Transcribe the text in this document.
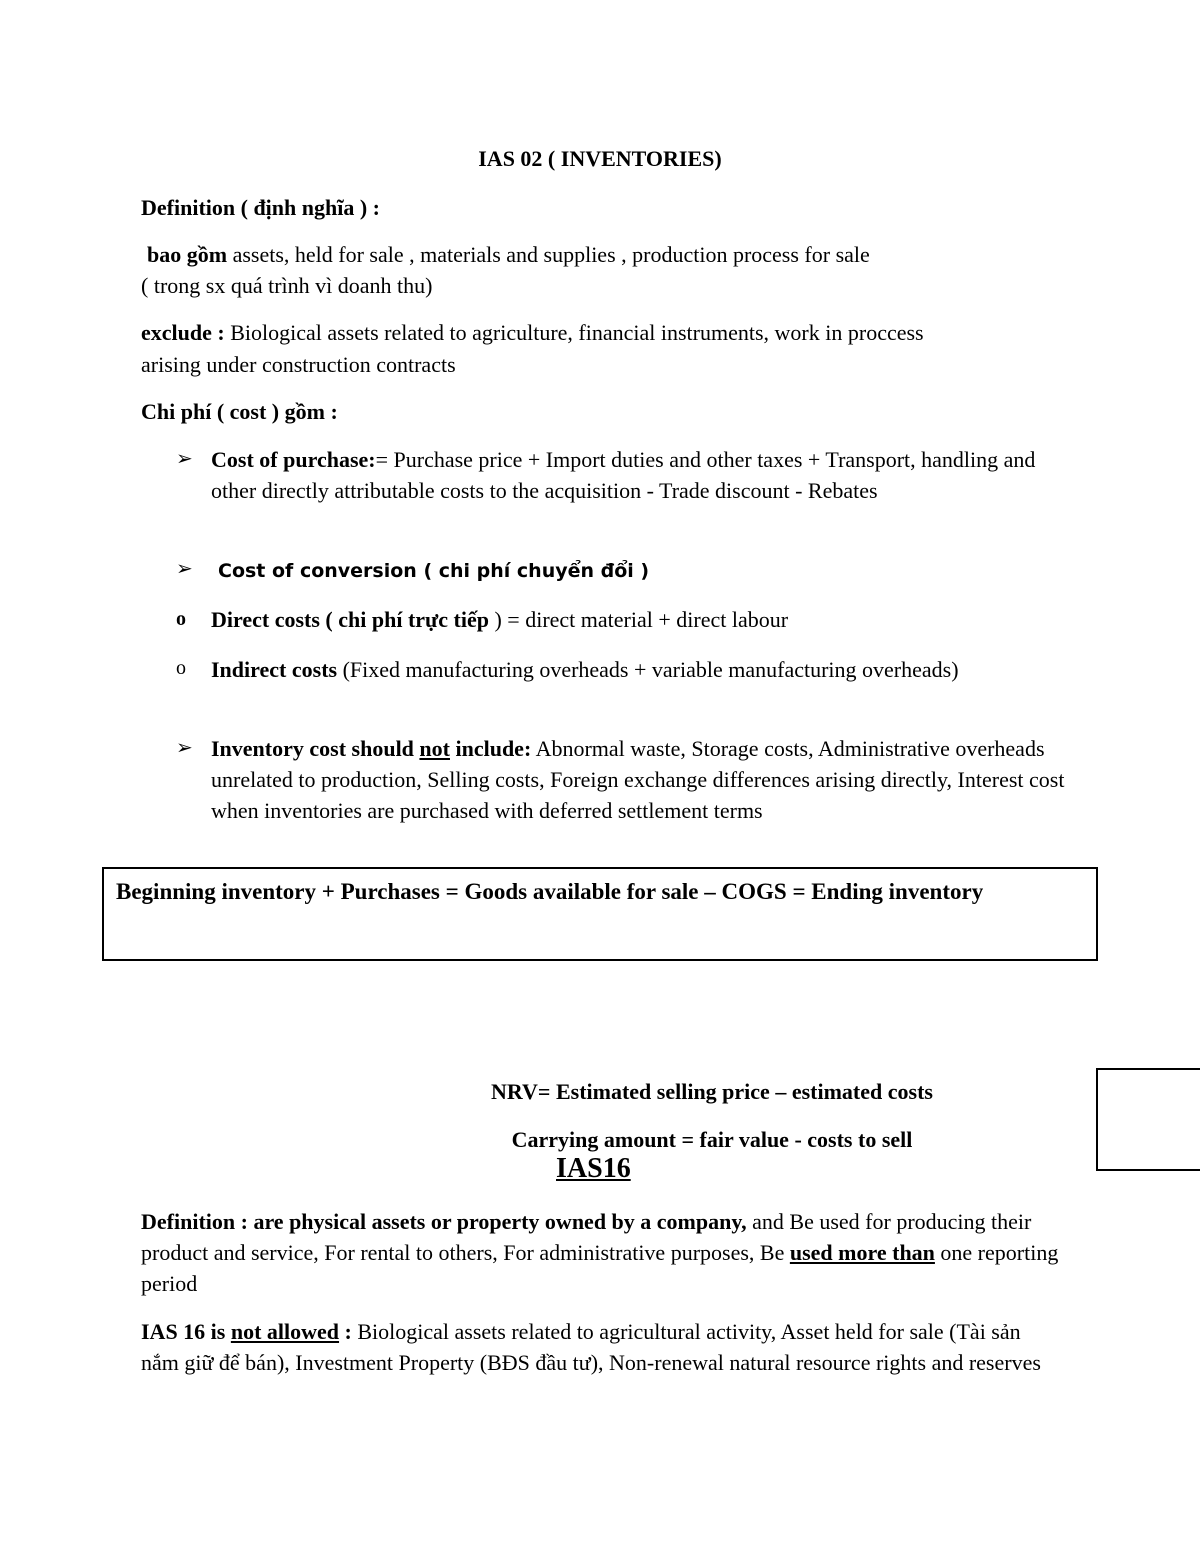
IAS 02 ( INVENTORIES)
Definition ( định nghĩa ) :
bao gồm assets, held for sale , materials and supplies , production process for sale
( trong sx quá trình vì doanh thu)
exclude : Biological assets related to agriculture, financial instruments, work in proccess
arising under construction contracts
Chi phí ( cost ) gồm :
➢ Cost of purchase:= Purchase price + Import duties and other taxes + Transport, handling and other directly attributable costs to the acquisition - Trade discount - Rebates
➢ Cost of conversion ( chi phí chuyển đổi )
o Direct costs ( chi phí trực tiếp ) = direct material + direct labour
o Indirect costs (Fixed manufacturing overheads + variable manufacturing overheads)
➢ Inventory cost should not include: Abnormal waste, Storage costs, Administrative overheads unrelated to production, Selling costs, Foreign exchange differences arising directly, Interest cost when inventories are purchased with deferred settlement terms
Beginning inventory + Purchases = Goods available for sale – COGS = Ending inventory
NRV= Estimated selling price – estimated costs
Carrying amount = fair value - costs to sell
IAS16
Definition : are physical assets or property owned by a company, and Be used for producing their product and service, For rental to others, For administrative purposes, Be used more than one reporting period
IAS 16 is not allowed : Biological assets related to agricultural activity, Asset held for sale (Tài sản nắm giữ để bán), Investment Property (BĐS đầu tư), Non-renewal natural resource rights and reserves
